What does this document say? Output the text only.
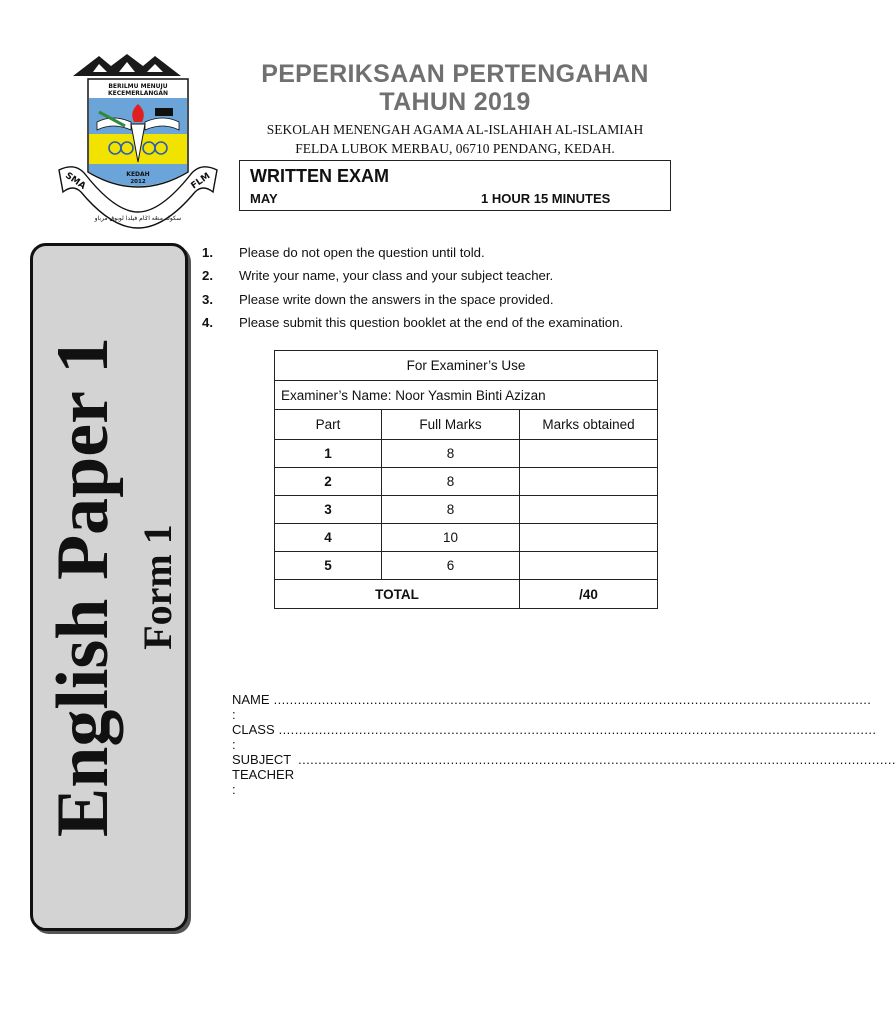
BERILMU MENUJU
KECEMERLANGAN
KEDAH
2012
SMA	FLM
سكوله منڠه اݢام فيلدا لوبوق مرباو
PEPERIKSAAN PERTENGAHAN
TAHUN 2019
SEKOLAH MENENGAH AGAMA AL-ISLAHIAH AL-ISLAMIAH
FELDA LUBOK MERBAU, 06710 PENDANG, KEDAH.
WRITTEN EXAM
MAY	1 HOUR 15 MINUTES
English Paper 1 Form 1
1.	Please do not open the question until told.
2.	Write your name, your class and your subject teacher.
3.	Please write down the answers in the space provided.
4.	Please submit this question booklet at the end of the examination.
For Examiner’s Use		
Examiner’s Name: Noor Yasmin Binti Azizan		
Part	Full Marks	Marks obtained
1	8	
2	8	
3	8	
4	10	
5	6	
TOTAL		/40
NAME :
.....................................................................................................................................................
CLASS :
.....................................................................................................................................................
SUBJECT TEACHER :
.....................................................................................................................................................
